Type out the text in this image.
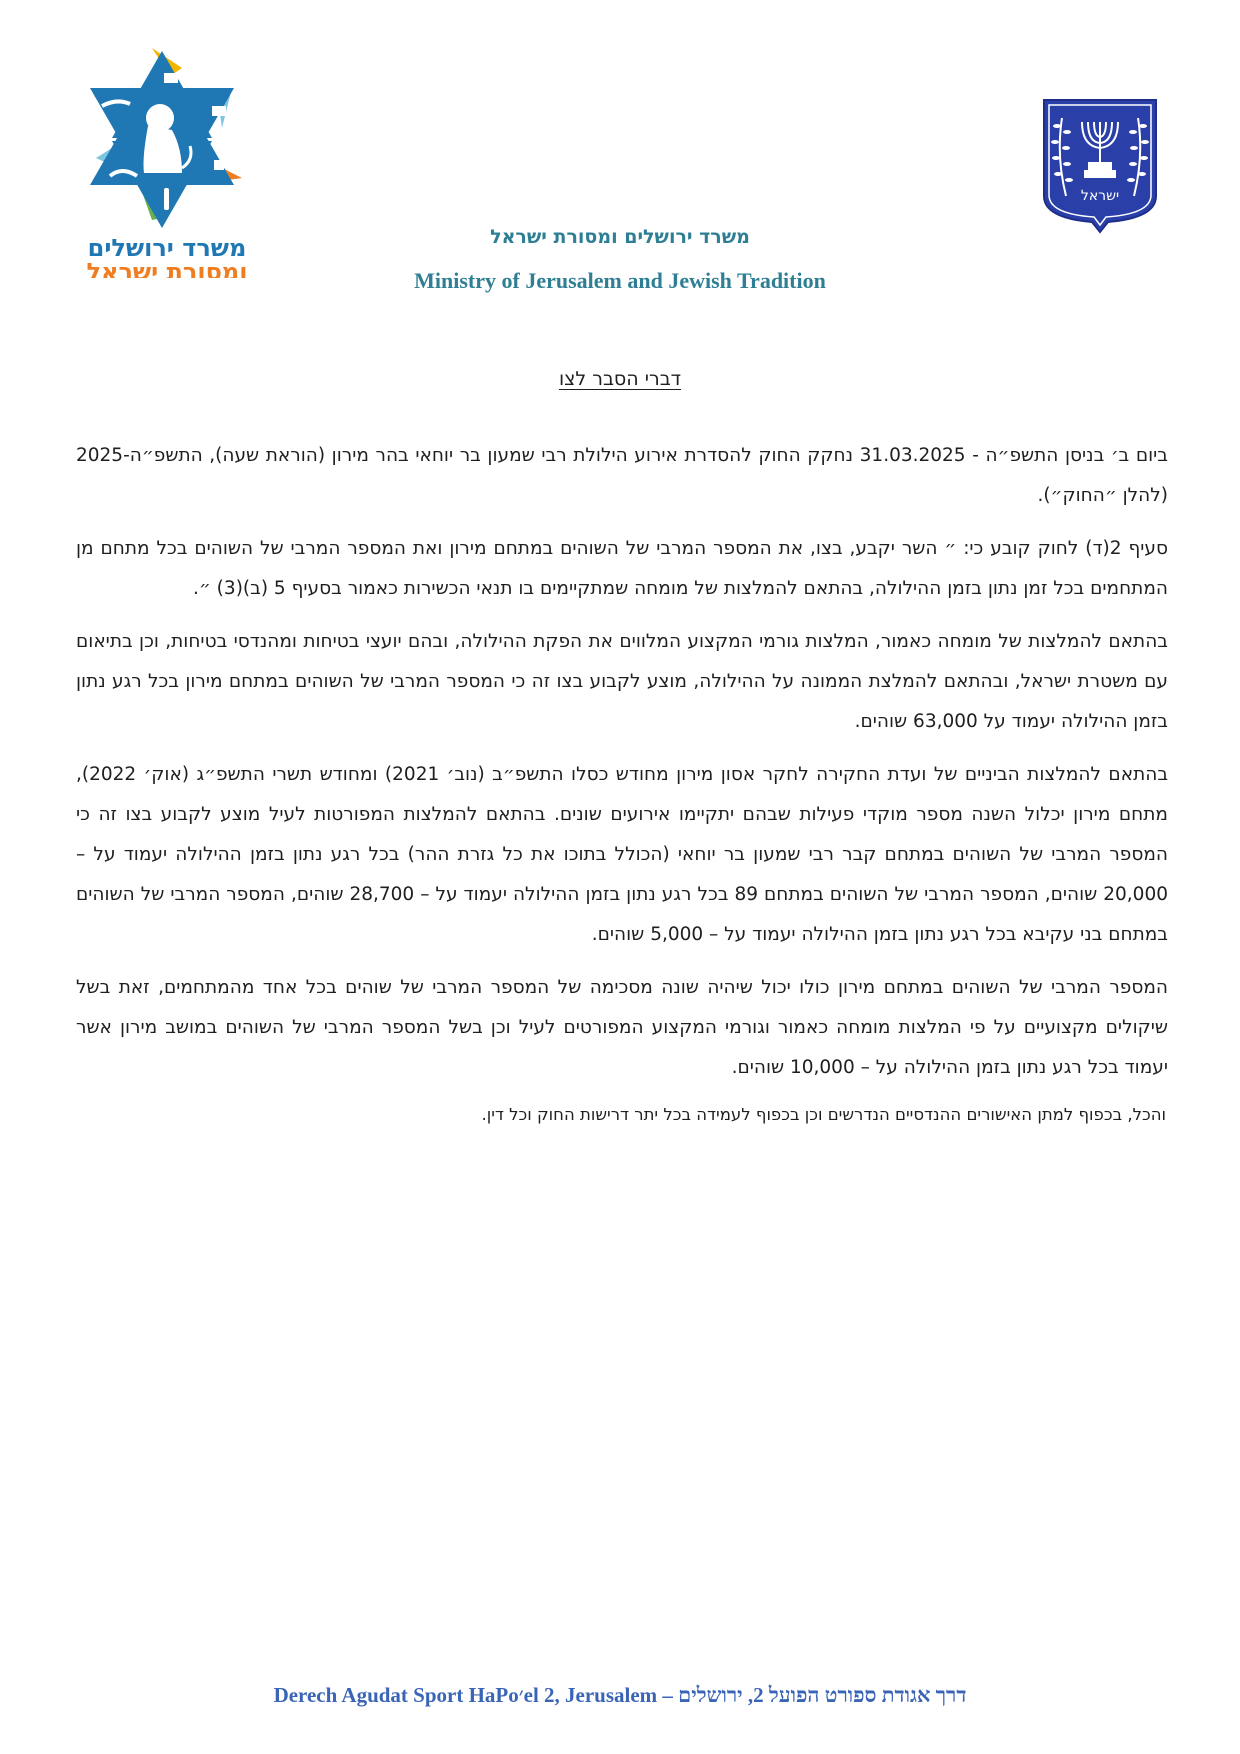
משרד ירושלים
ומסורת ישראל
ישראל
משרד ירושלים ומסורת ישראל
Ministry of Jerusalem and Jewish Tradition
דברי הסבר לצו

ביום ב׳ בניסן התשפ״ה - 31.03.2025 נחקק החוק להסדרת אירוע הילולת רבי שמעון בר יוחאי בהר מירון (הוראת שעה), התשפ״ה-2025 (להלן ״החוק״).

סעיף 2(ד) לחוק קובע כי: ״ השר יקבע, בצו, את המספר המרבי של השוהים במתחם מירון ואת המספר המרבי של השוהים בכל מתחם מן המתחמים בכל זמן נתון בזמן ההילולה, בהתאם להמלצות של מומחה שמתקיימים בו תנאי הכשירות כאמור בסעיף 5 (ב)(3) ״.

בהתאם להמלצות של מומחה כאמור, המלצות גורמי המקצוע המלווים את הפקת ההילולה, ובהם יועצי בטיחות ומהנדסי בטיחות, וכן בתיאום עם משטרת ישראל, ובהתאם להמלצת הממונה על ההילולה, מוצע לקבוע בצו זה כי המספר המרבי של השוהים במתחם מירון בכל רגע נתון בזמן ההילולה יעמוד על 63,000 שוהים.

בהתאם להמלצות הביניים של ועדת החקירה לחקר אסון מירון מחודש כסלו התשפ״ב (נוב׳ 2021) ומחודש תשרי התשפ״ג (אוק׳ 2022), מתחם מירון יכלול השנה מספר מוקדי פעילות שבהם יתקיימו אירועים שונים. בהתאם להמלצות המפורטות לעיל מוצע לקבוע בצו זה כי המספר המרבי של השוהים במתחם קבר רבי שמעון בר יוחאי (הכולל בתוכו את כל גזרת ההר) בכל רגע נתון בזמן ההילולה יעמוד על – 20,000 שוהים, המספר המרבי של השוהים במתחם 89 בכל רגע נתון בזמן ההילולה יעמוד על – 28,700 שוהים, המספר המרבי של השוהים במתחם בני עקיבא בכל רגע נתון בזמן ההילולה יעמוד על – 5,000 שוהים.

המספר המרבי של השוהים במתחם מירון כולו יכול שיהיה שונה מסכימה של המספר המרבי של שוהים בכל אחד מהמתחמים, זאת בשל שיקולים מקצועיים על פי המלצות מומחה כאמור וגורמי המקצוע המפורטים לעיל וכן בשל המספר המרבי של השוהים במושב מירון אשר יעמוד בכל רגע נתון בזמן ההילולה על – 10,000 שוהים.

והכל, בכפוף למתן האישורים ההנדסיים הנדרשים וכן בכפוף לעמידה בכל יתר דרישות החוק וכל דין.

Derech Agudat Sport HaPo׳el 2, Jerusalem – דרך אגודת ספורט הפועל 2, ירושלים
